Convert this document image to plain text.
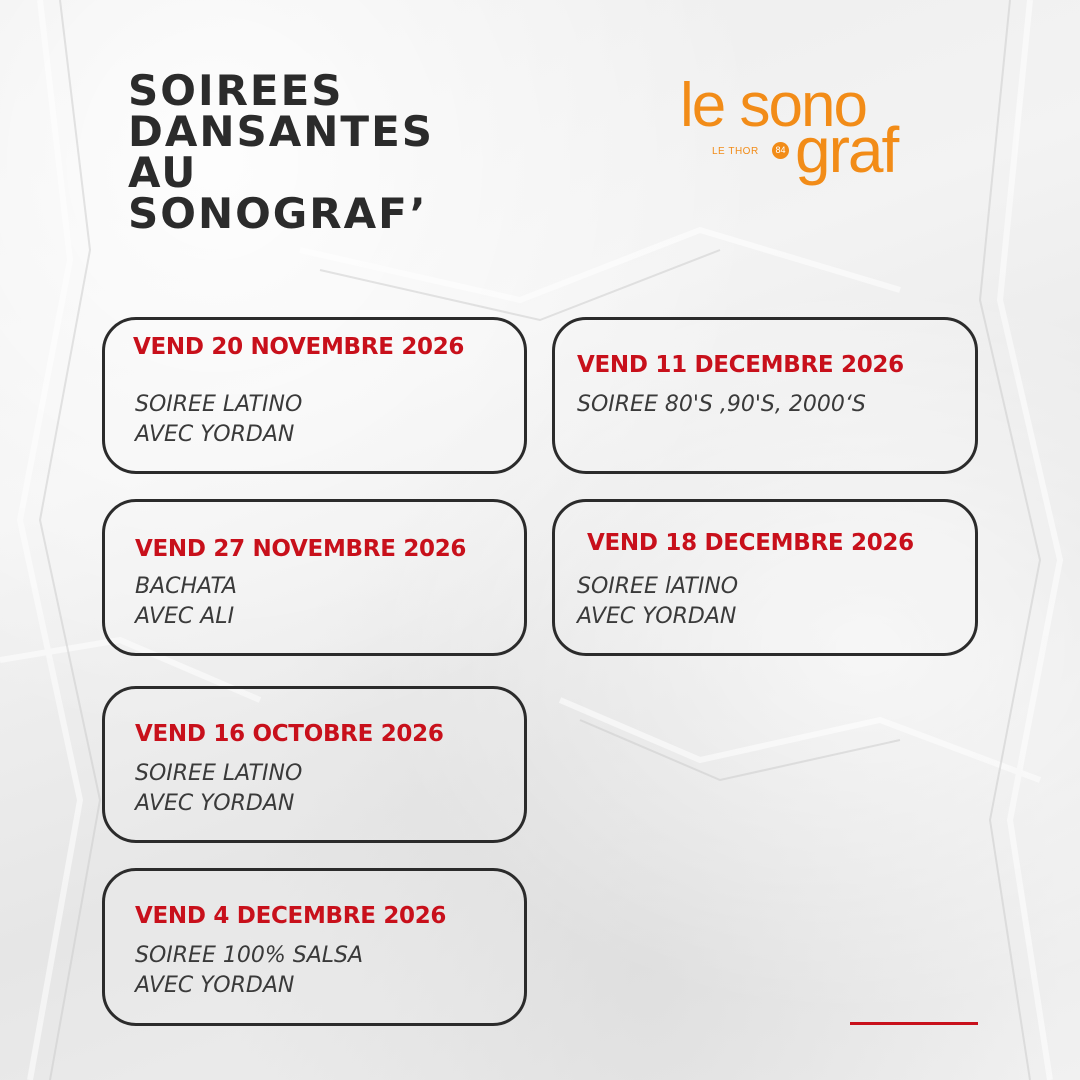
SOIREES
DANSANTES
AU
SONOGRAF’
le sono
graf
LE THOR	84

VEND 20 NOVEMBRE 2026

SOIREE LATINO
AVEC YORDAN

VEND 11 DECEMBRE 2026

SOIREE 80'S ,90'S, 2000‘S

VEND 27 NOVEMBRE 2026

BACHATA
AVEC ALI

VEND 18 DECEMBRE 2026

SOIREE lATINO
AVEC YORDAN

VEND 16 OCTOBRE 2026

SOIREE LATINO
AVEC YORDAN

VEND 4 DECEMBRE 2026

SOIREE 100% SALSA
AVEC YORDAN
